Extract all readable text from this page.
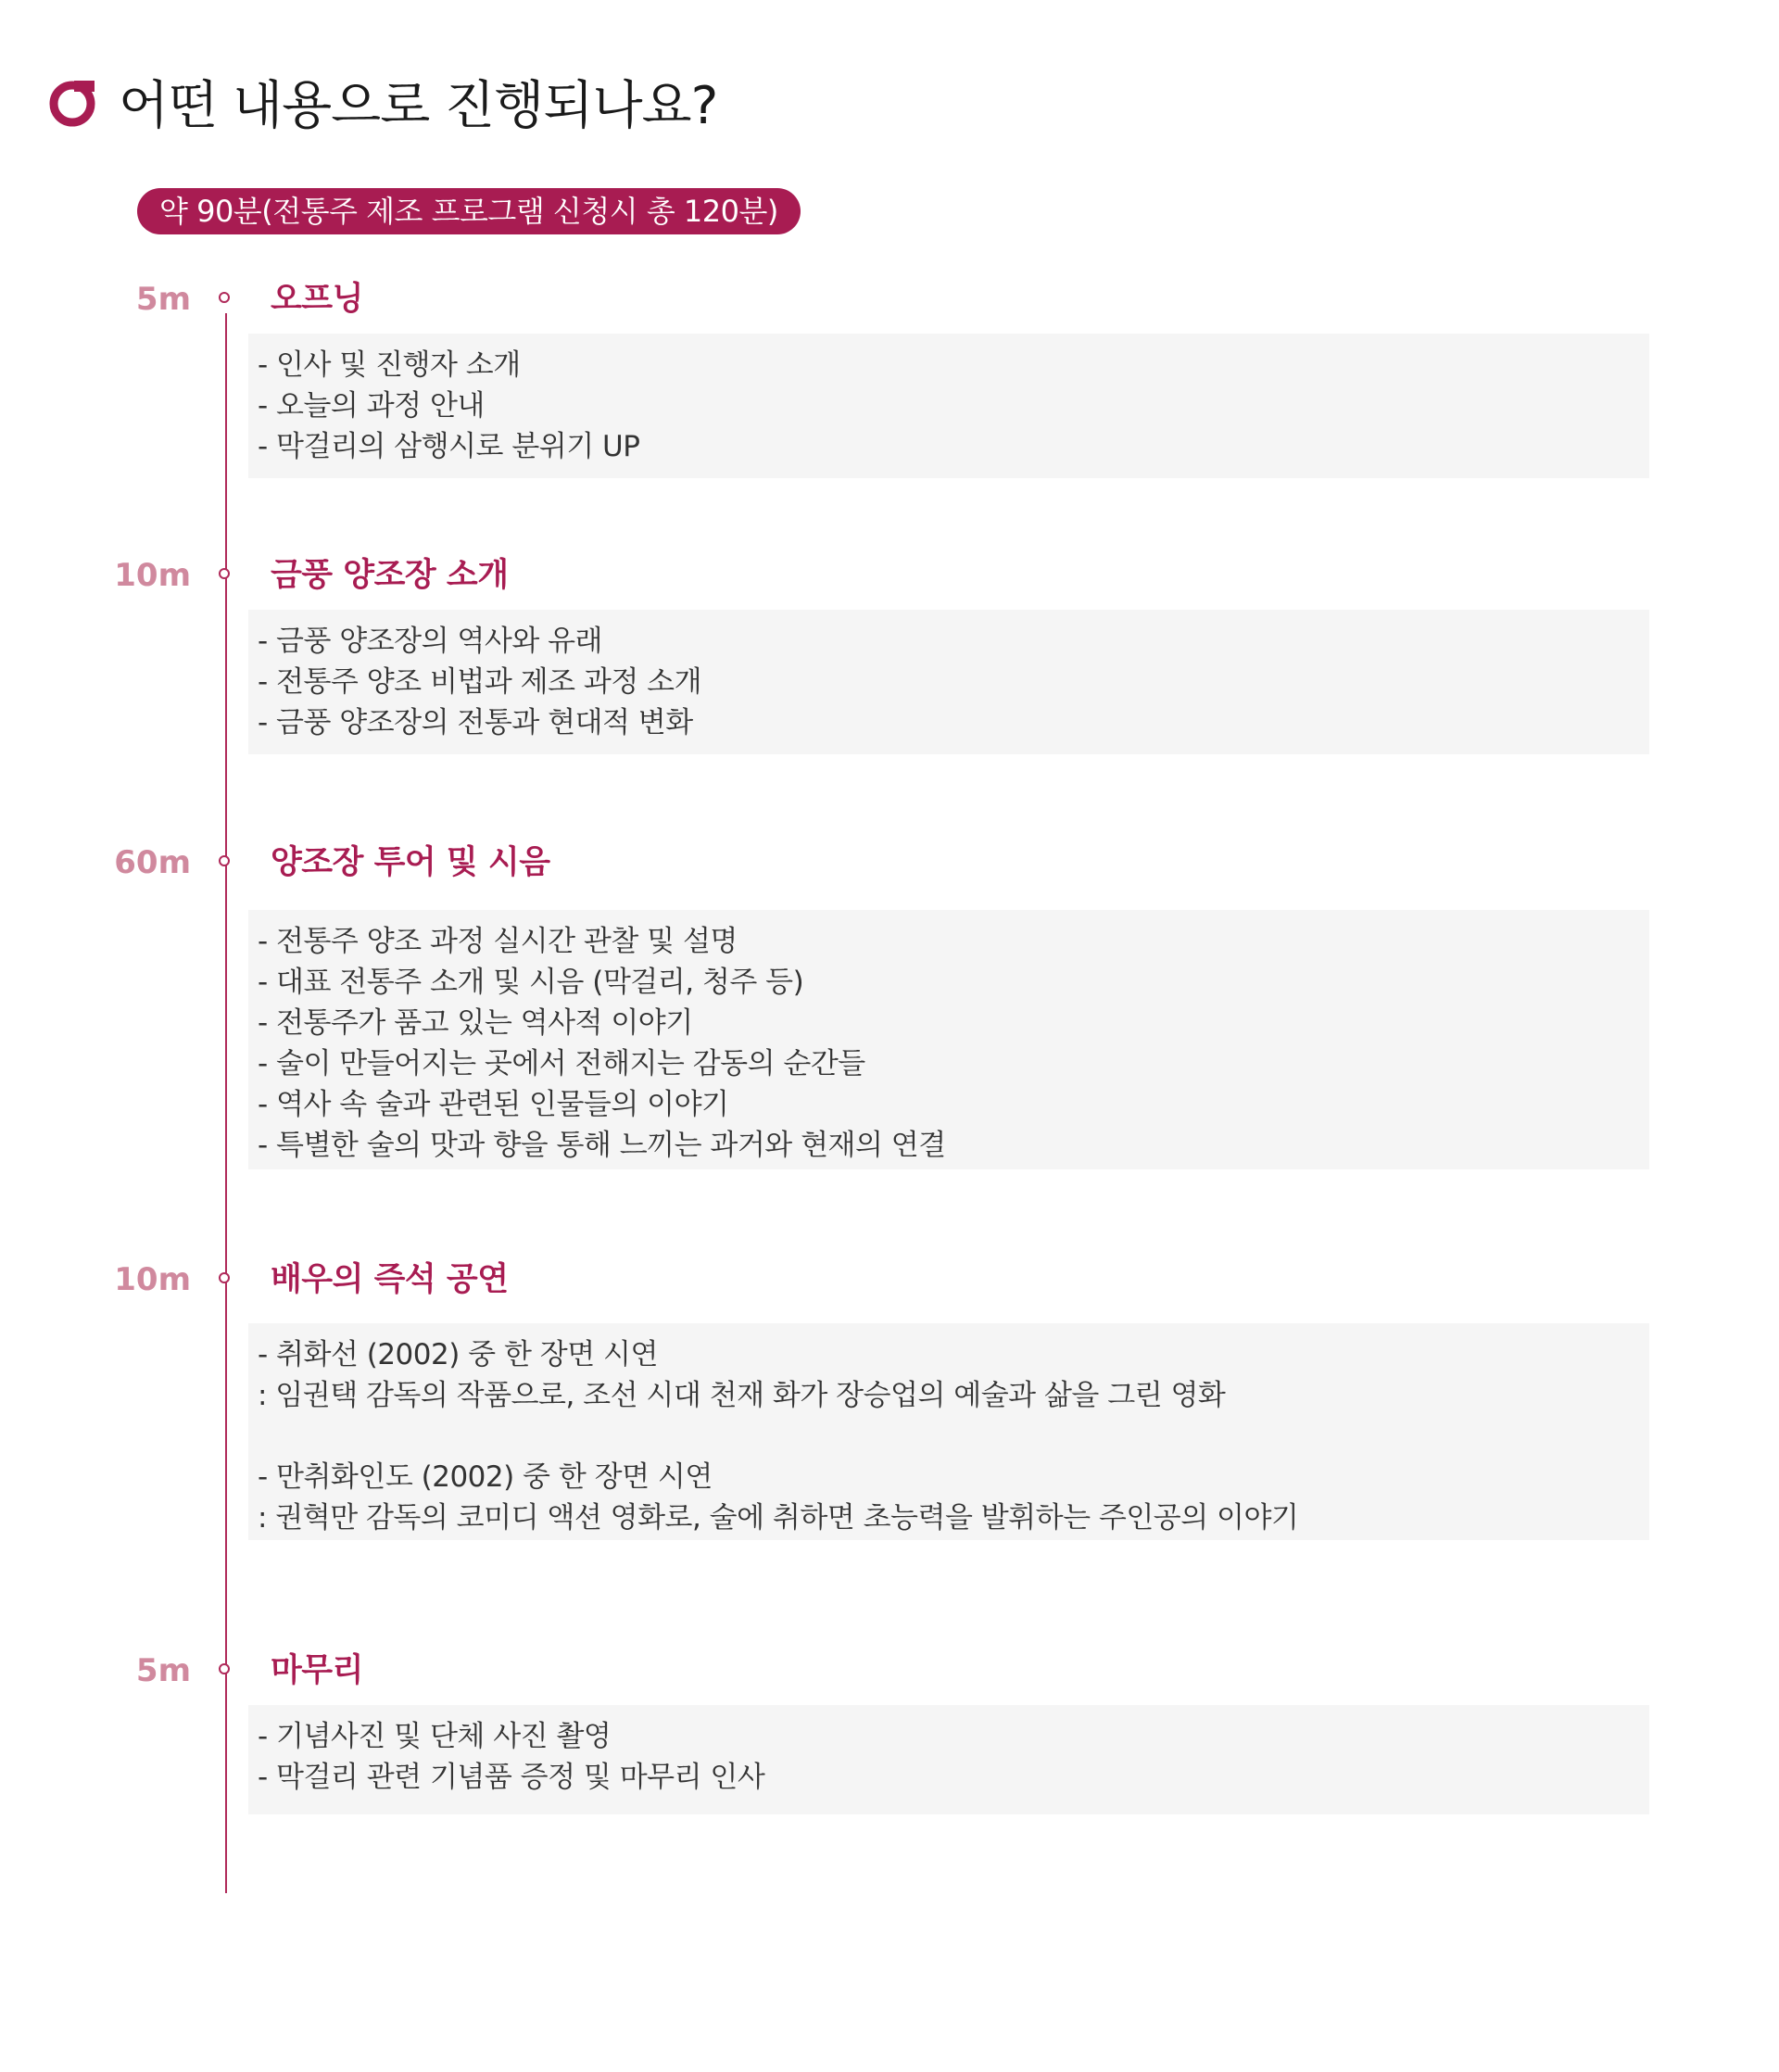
어떤 내용으로 진행되나요?
약 90분(전통주 제조 프로그램 신청시 총 120분)
5m 오프닝
- 인사 및 진행자 소개
- 오늘의 과정 안내
- 막걸리의 삼행시로 분위기 UP
10m 금풍 양조장 소개
- 금풍 양조장의 역사와 유래
- 전통주 양조 비법과 제조 과정 소개
- 금풍 양조장의 전통과 현대적 변화
60m 양조장 투어 및 시음
- 전통주 양조 과정 실시간 관찰 및 설명
- 대표 전통주 소개 및 시음 (막걸리, 청주 등)
- 전통주가 품고 있는 역사적 이야기
- 술이 만들어지는 곳에서 전해지는 감동의 순간들
- 역사 속 술과 관련된 인물들의 이야기
- 특별한 술의 맛과 향을 통해 느끼는 과거와 현재의 연결
10m 배우의 즉석 공연
- 취화선 (2002) 중 한 장면 시연
: 임권택 감독의 작품으로, 조선 시대 천재 화가 장승업의 예술과 삶을 그린 영화
- 만취화인도 (2002) 중 한 장면 시연
: 권혁만 감독의 코미디 액션 영화로, 술에 취하면 초능력을 발휘하는 주인공의 이야기
5m 마무리
- 기념사진 및 단체 사진 촬영
- 막걸리 관련 기념품 증정 및 마무리 인사
